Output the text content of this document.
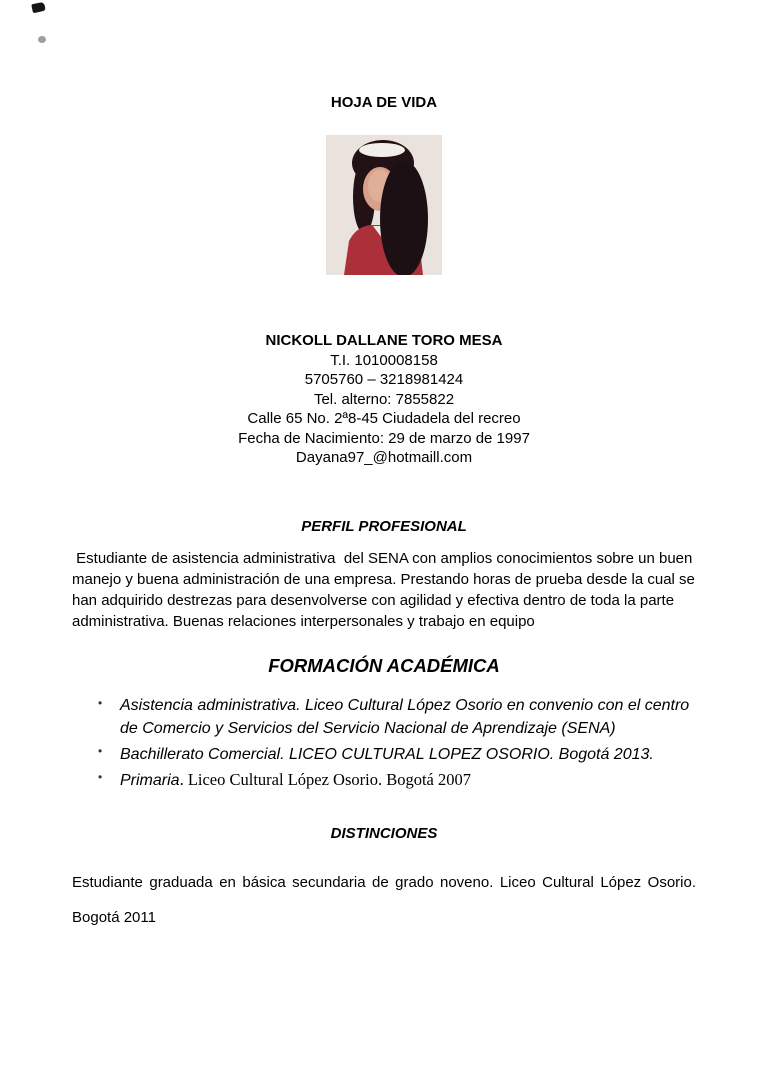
HOJA DE VIDA

NICKOLL DALLANE TORO MESA
T.I. 1010008158
5705760 – 3218981424
Tel. alterno: 7855822
Calle 65 No. 2ª8-45 Ciudadela del recreo
Fecha de Nacimiento: 29 de marzo de 1997
Dayana97_@hotmaill.com

PERFIL PROFESIONAL

Estudiante de asistencia administrativa  del SENA con amplios conocimientos sobre un buen manejo y buena administración de una empresa. Prestando horas de prueba desde la cual se han adquirido destrezas para desenvolverse con agilidad y efectiva dentro de toda la parte administrativa. Buenas relaciones interpersonales y trabajo en equipo

FORMACIÓN ACADÉMICA

• Asistencia administrativa. Liceo Cultural López Osorio en convenio con el centro de Comercio y Servicios del Servicio Nacional de Aprendizaje (SENA)
• Bachillerato Comercial. LICEO CULTURAL LOPEZ OSORIO. Bogotá 2013.
• Primaria. Liceo Cultural López Osorio. Bogotá 2007

DISTINCIONES

Estudiante graduada en básica secundaria de grado noveno. Liceo Cultural López Osorio. Bogotá 2011
